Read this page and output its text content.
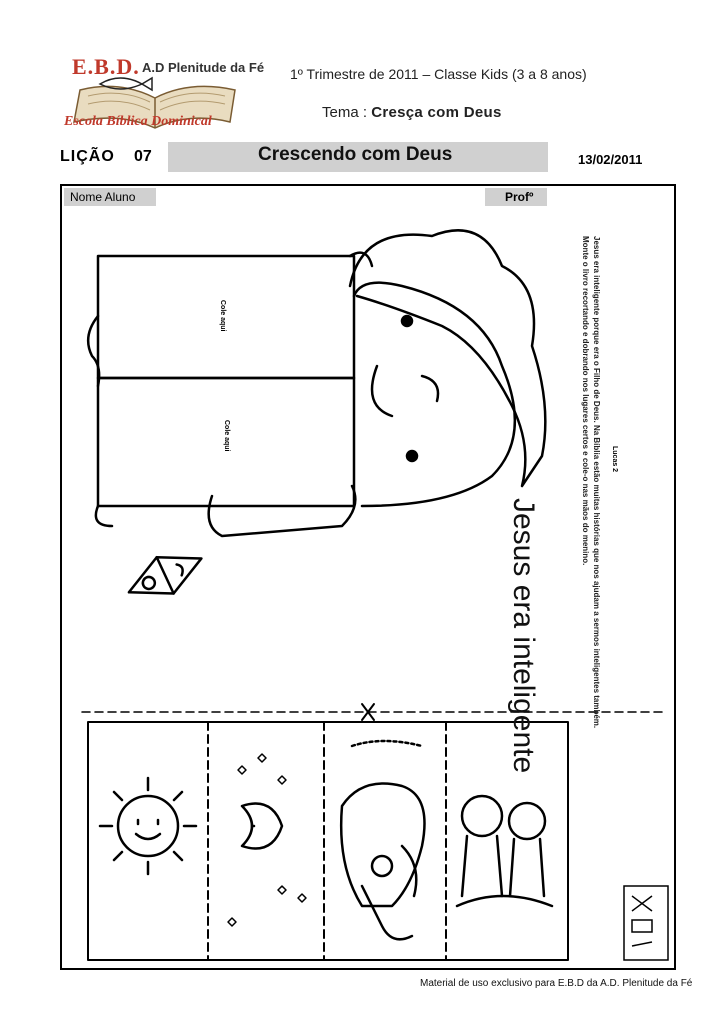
E.B.D. A.D Plenitude da Fé
Escola Bíblica Dominical
1º Trimestre de 2011 – Classe Kids (3 a 8 anos)
Tema : Cresça com Deus
LIÇÃO 07	Crescendo com Deus	13/02/2011
Nome Aluno	Profº
Jesus era inteligente
Lucas 2
Jesus era inteligente porque era o Filho de Deus. Na Bíblia estão muitas histórias que nos ajudam a sermos inteligentes também.
Monte o livro recortando e dobrando nos lugares certos e cole-o nas mãos do menino.
Cole aqui
Cole aqui
Material de uso exclusivo para E.B.D da A.D. Plenitude da Fé
